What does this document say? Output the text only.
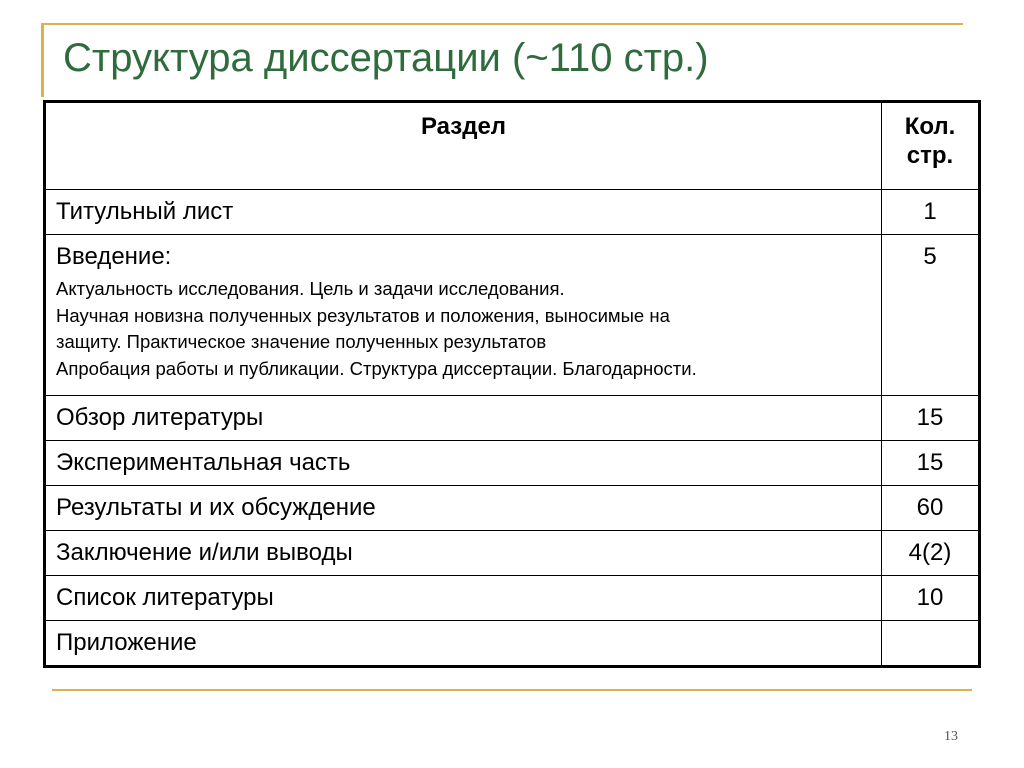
Структура диссертации (~110 стр.)
Раздел	Кол.
стр.
Титульный лист	1

Введение:
Актуальность исследования. Цель и задачи исследования.
Научная новизна полученных результатов и положения, выносимые на
защиту. Практическое значение полученных результатов
Апробация работы и публикации. Структура диссертации. Благодарности.	5
Обзор литературы	15
Экспериментальная часть	15
Результаты и их обсуждение	60
Заключение и/или выводы	4(2)
Список литературы	10
Приложение	
13
